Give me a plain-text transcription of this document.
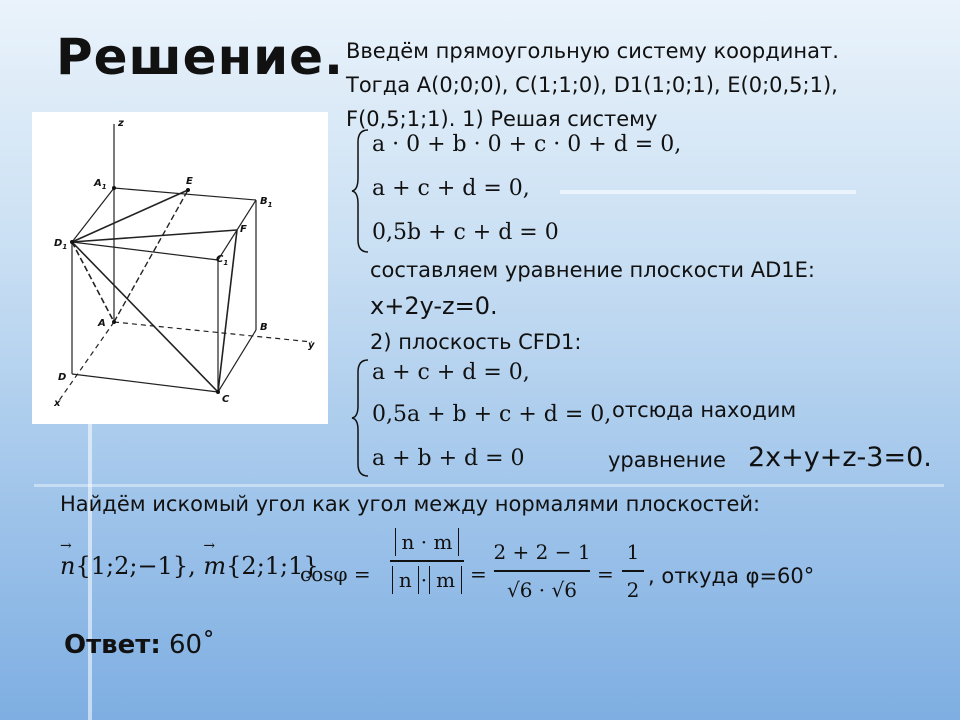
Решение. Введём прямоугольную систему координат.
Тогда A(0;0;0), C(1;1;0), D1(1;0;1), E(0;0,5;1),
F(0,5;1;1). 1) Решая систему
z
y
x
$A_1$	E
$B_1$
$D_1$
F
$C_1$
A	B
D
C
a · 0 + b · 0 + c · 0 + d = 0,
a + c + d = 0,
0,5b + c + d = 0
составляем уравнение плоскости AD1E:
x+2y-z=0.
2) плоскость CFD1:
a + c + d = 0,
0,5a + b + c + d = 0,
a + b + d = 0
отсюда находим
уравнение 2x+y+z-3=0.
Найдём искомый угол как угол между нормалями плоскостей:
→
n{1;2;−1},
→
m{2;1;1}
cosφ =
n · m
n · m =
2 + 2 − 1
√6 · √6
=
1
2
, откуда φ=60°
Ответ: 60˚
